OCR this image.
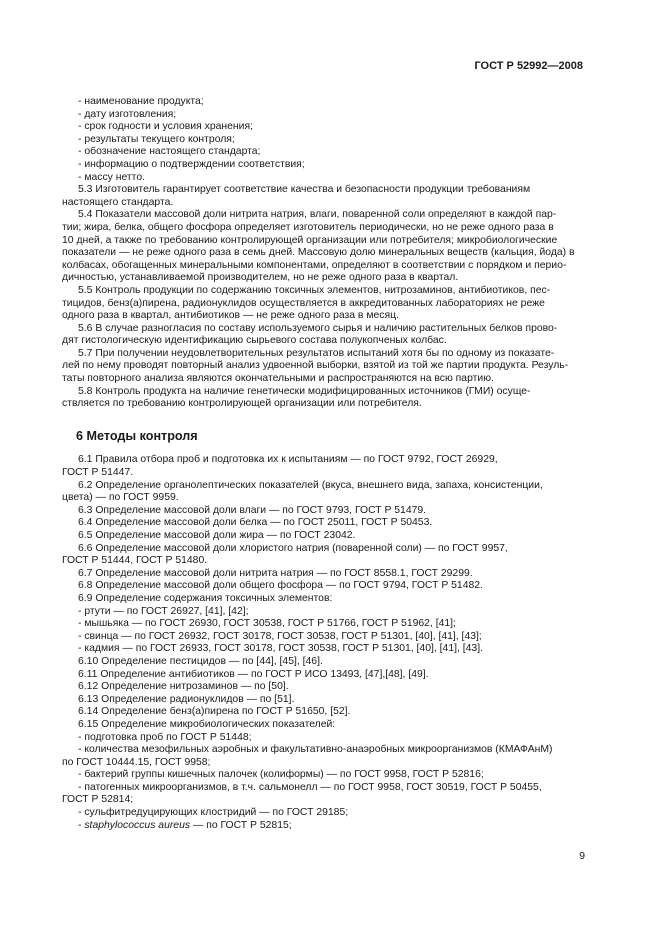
ГОСТ Р 52992—2008
- наименование продукта;
- дату изготовления;
- срок годности и условия хранения;
- результаты текущего контроля;
- обозначение настоящего стандарта;
- информацию о подтверждении соответствия;
- массу нетто.
5.3 Изготовитель гарантирует соответствие качества и безопасности продукции требованиям
настоящего стандарта.
5.4 Показатели массовой доли нитрита натрия, влаги, поваренной соли определяют в каждой пар-
тии; жира, белка, общего фосфора определяет изготовитель периодически, но не реже одного раза в
10 дней, а также по требованию контролирующей организации или потребителя; микробиологические
показатели — не реже одного раза в семь дней. Массовую долю минеральных веществ (кальция, йода) в
колбасах, обогащенных минеральными компонентами, определяют в соответствии с порядком и перио-
дичностью, устанавливаемой производителем, но не реже одного раза в квартал.
5.5 Контроль продукции по содержанию токсичных элементов, нитрозаминов, антибиотиков, пес-
тицидов, бенз(а)пирена, радионуклидов осуществляется в аккредитованных лабораториях не реже
одного раза в квартал, антибиотиков — не реже одного раза в месяц.
5.6 В случае разногласия по составу используемого сырья и наличию растительных белков прово-
дят гистологическую идентификацию сырьевого состава полукопченых колбас.
5.7 При получении неудовлетворительных результатов испытаний хотя бы по одному из показате-
лей по нему проводят повторный анализ удвоенной выборки, взятой из той же партии продукта. Резуль-
таты повторного анализа являются окончательными и распространяются на всю партию.
5.8 Контроль продукта на наличие генетически модифицированных источников (ГМИ) осуще-
ствляется по требованию контролирующей организации или потребителя.
6 Методы контроля
6.1 Правила отбора проб и подготовка их к испытаниям — по ГОСТ 9792, ГОСТ 26929,
ГОСТ Р 51447.
6.2 Определение органолептических показателей (вкуса, внешнего вида, запаха, консистенции,
цвета) — по ГОСТ 9959.
6.3 Определение массовой доли влаги — по ГОСТ 9793, ГОСТ Р 51479.
6.4 Определение массовой доли белка — по ГОСТ 25011, ГОСТ Р 50453.
6.5 Определение массовой доли жира — по ГОСТ 23042.
6.6 Определение массовой доли хлористого натрия (поваренной соли) — по ГОСТ 9957,
ГОСТ Р 51444, ГОСТ Р 51480.
6.7 Определение массовой доли нитрита натрия — по ГОСТ 8558.1, ГОСТ 29299.
6.8 Определение массовой доли общего фосфора — по ГОСТ 9794, ГОСТ Р 51482.
6.9 Определение содержания токсичных элементов:
- ртути — по ГОСТ 26927, [41], [42];
- мышьяка — по ГОСТ 26930, ГОСТ 30538, ГОСТ Р 51766, ГОСТ Р 51962, [41];
- свинца — по ГОСТ 26932, ГОСТ 30178, ГОСТ 30538, ГОСТ Р 51301, [40], [41], [43];
- кадмия — по ГОСТ 26933, ГОСТ 30178, ГОСТ 30538, ГОСТ Р 51301, [40], [41], [43].
6.10 Определение пестицидов — по [44], [45], [46].
6.11 Определение антибиотиков — по ГОСТ Р ИСО 13493, [47],[48], [49].
6.12 Определение нитрозаминов — по [50].
6.13 Определение радионуклидов — по [51].
6.14 Определение бенз(а)пирена по ГОСТ Р 51650, [52].
6.15 Определение микробиологических показателей:
- подготовка проб по ГОСТ Р 51448;
- количества мезофильных аэробных и факультативно-анаэробных микроорганизмов (КМАФАнМ)
по ГОСТ 10444.15, ГОСТ 9958;
- бактерий группы кишечных палочек (колиформы) — по ГОСТ 9958, ГОСТ Р 52816;
- патогенных микроорганизмов, в т.ч. сальмонелл — по ГОСТ 9958, ГОСТ 30519, ГОСТ Р 50455,
ГОСТ Р 52814;
- сульфитредуцирующих клостридий — по ГОСТ 29185;
- staphylococcus aureus — по ГОСТ Р 52815;
9
